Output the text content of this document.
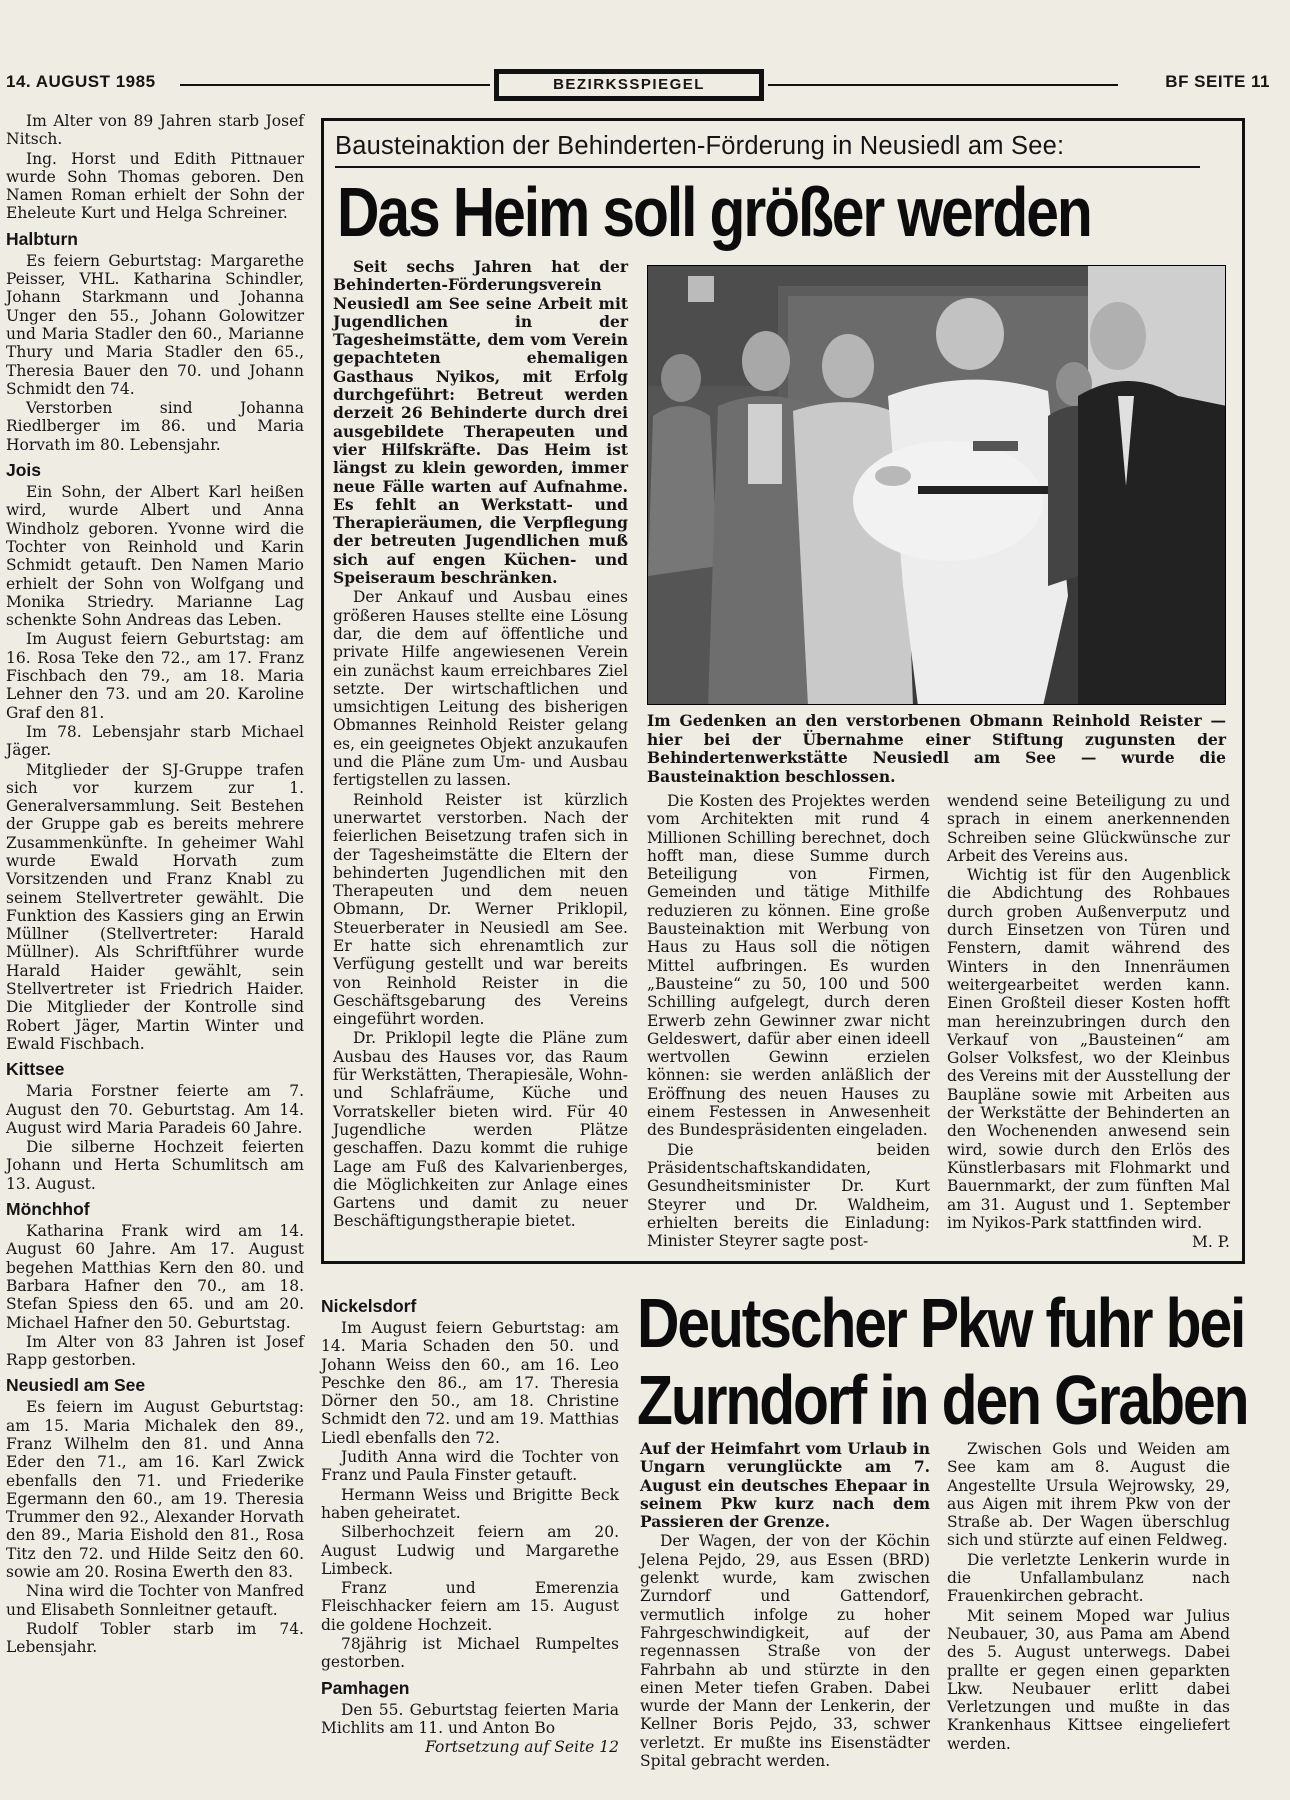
14. AUGUST 1985	BEZIRKSSPIEGEL	BF SEITE 11

Im Alter von 89 Jahren starb Josef Nitsch.

Ing. Horst und Edith Pittnauer wurde Sohn Thomas geboren. Den Namen Roman erhielt der Sohn der Eheleute Kurt und Helga Schreiner.

Halbturn

Es feiern Geburtstag: Margarethe Peisser, VHL. Katharina Schindler, Johann Starkmann und Johanna Unger den 55., Johann Golowitzer und Maria Stadler den 60., Marianne Thury und Maria Stadler den 65., Theresia Bauer den 70. und Johann Schmidt den 74.

Verstorben sind Johanna Riedlberger im 86. und Maria Horvath im 80. Lebensjahr.

Jois

Ein Sohn, der Albert Karl heißen wird, wurde Albert und Anna Windholz geboren. Yvonne wird die Tochter von Reinhold und Karin Schmidt getauft. Den Namen Mario erhielt der Sohn von Wolfgang und Monika Striedry. Marianne Lag schenkte Sohn Andreas das Leben.

Im August feiern Geburtstag: am 16. Rosa Teke den 72., am 17. Franz Fischbach den 79., am 18. Maria Lehner den 73. und am 20. Karoline Graf den 81.

Im 78. Lebensjahr starb Michael Jäger.

Mitglieder der SJ-Gruppe trafen sich vor kurzem zur 1. Generalversammlung. Seit Bestehen der Gruppe gab es bereits mehrere Zusammenkünfte. In geheimer Wahl wurde Ewald Horvath zum Vorsitzenden und Franz Knabl zu seinem Stellvertreter gewählt. Die Funktion des Kassiers ging an Erwin Müllner (Stellvertreter: Harald Müllner). Als Schriftführer wurde Harald Haider gewählt, sein Stellvertreter ist Friedrich Haider. Die Mitglieder der Kontrolle sind Robert Jäger, Martin Winter und Ewald Fischbach.

Kittsee

Maria Forstner feierte am 7. August den 70. Geburtstag. Am 14. August wird Maria Paradeis 60 Jahre.

Die silberne Hochzeit feierten Johann und Herta Schumlitsch am 13. August.

Mönchhof

Katharina Frank wird am 14. August 60 Jahre. Am 17. August begehen Matthias Kern den 80. und Barbara Hafner den 70., am 18. Stefan Spiess den 65. und am 20. Michael Hafner den 50. Geburtstag.

Im Alter von 83 Jahren ist Josef Rapp gestorben.

Neusiedl am See

Es feiern im August Geburtstag: am 15. Maria Michalek den 89., Franz Wilhelm den 81. und Anna Eder den 71., am 16. Karl Zwick ebenfalls den 71. und Friederike Egermann den 60., am 19. Theresia Trummer den 92., Alexander Horvath den 89., Maria Eishold den 81., Rosa Titz den 72. und Hilde Seitz den 60. sowie am 20. Rosina Ewerth den 83.

Nina wird die Tochter von Manfred und Elisabeth Sonnleitner getauft.

Rudolf Tobler starb im 74. Lebensjahr.

Bausteinaktion der Behinderten-Förderung in Neusiedl am See:
Das Heim soll größer werden

Seit sechs Jahren hat der Behinderten-Förderungsverein Neusiedl am See seine Arbeit mit Jugendlichen in der Tagesheimstätte, dem vom Verein gepachteten ehemaligen Gasthaus Nyikos, mit Erfolg durchgeführt: Betreut werden derzeit 26 Behinderte durch drei ausgebildete Therapeuten und vier Hilfskräfte. Das Heim ist längst zu klein geworden, immer neue Fälle warten auf Aufnahme. Es fehlt an Werkstatt- und Therapieräumen, die Verpflegung der betreuten Jugendlichen muß sich auf engen Küchen- und Speiseraum beschränken.

Der Ankauf und Ausbau eines größeren Hauses stellte eine Lösung dar, die dem auf öffentliche und private Hilfe angewiesenen Verein ein zunächst kaum erreichbares Ziel setzte. Der wirtschaftlichen und umsichtigen Leitung des bisherigen Obmannes Reinhold Reister gelang es, ein geeignetes Objekt anzukaufen und die Pläne zum Um- und Ausbau fertigstellen zu lassen.

Reinhold Reister ist kürzlich unerwartet verstorben. Nach der feierlichen Beisetzung trafen sich in der Tagesheimstätte die Eltern der behinderten Jugendlichen mit den Therapeuten und dem neuen Obmann, Dr. Werner Priklopil, Steuerberater in Neusiedl am See. Er hatte sich ehrenamtlich zur Verfügung gestellt und war bereits von Reinhold Reister in die Geschäftsgebarung des Vereins eingeführt worden.

Dr. Priklopil legte die Pläne zum Ausbau des Hauses vor, das Raum für Werkstätten, Therapiesäle, Wohn- und Schlafräume, Küche und Vorratskeller bieten wird. Für 40 Jugendliche werden Plätze geschaffen. Dazu kommt die ruhige Lage am Fuß des Kalvarienberges, die Möglichkeiten zur Anlage eines Gartens und damit zu neuer Beschäftigungstherapie bietet.

Im Gedenken an den verstorbenen Obmann Reinhold Reister — hier bei der Übernahme einer Stiftung zugunsten der Behindertenwerkstätte Neusiedl am See — wurde die Bausteinaktion beschlossen.

Die Kosten des Projektes werden vom Architekten mit rund 4 Millionen Schilling berechnet, doch hofft man, diese Summe durch Beteiligung von Firmen, Gemeinden und tätige Mithilfe reduzieren zu können. Eine große Bausteinaktion mit Werbung von Haus zu Haus soll die nötigen Mittel aufbringen. Es wurden „Bausteine“ zu 50, 100 und 500 Schilling aufgelegt, durch deren Erwerb zehn Gewinner zwar nicht Geldeswert, dafür aber einen ideell wertvollen Gewinn erzielen können: sie werden anläßlich der Eröffnung des neuen Hauses zu einem Festessen in Anwesenheit des Bundespräsidenten eingeladen.

Die beiden Präsidentschaftskandidaten, Gesundheitsminister Dr. Kurt Steyrer und Dr. Waldheim, erhielten bereits die Einladung: Minister Steyrer sagte post-

wendend seine Beteiligung zu und sprach in einem anerkennenden Schreiben seine Glückwünsche zur Arbeit des Vereins aus.

Wichtig ist für den Augenblick die Abdichtung des Rohbaues durch groben Außenverputz und durch Einsetzen von Türen und Fenstern, damit während des Winters in den Innenräumen weitergearbeitet werden kann. Einen Großteil dieser Kosten hofft man hereinzubringen durch den Verkauf von „Bausteinen“ am Golser Volksfest, wo der Kleinbus des Vereins mit der Ausstellung der Baupläne sowie mit Arbeiten aus der Werkstätte der Behinderten an den Wochenenden anwesend sein wird, sowie durch den Erlös des Künstlerbasars mit Flohmarkt und Bauernmarkt, der zum fünften Mal am 31. August und 1. September im Nyikos-Park stattfinden wird.

M. P.

Nickelsdorf

Im August feiern Geburtstag: am 14. Maria Schaden den 50. und Johann Weiss den 60., am 16. Leo Peschke den 86., am 17. Theresia Dörner den 50., am 18. Christine Schmidt den 72. und am 19. Matthias Liedl ebenfalls den 72.

Judith Anna wird die Tochter von Franz und Paula Finster getauft.

Hermann Weiss und Brigitte Beck haben geheiratet.

Silberhochzeit feiern am 20. August Ludwig und Margarethe Limbeck.

Franz und Emerenzia Fleischhacker feiern am 15. August die goldene Hochzeit.

78jährig ist Michael Rumpeltes gestorben.

Pamhagen

Den 55. Geburtstag feierten Maria Michlits am 11. und Anton Bo

Fortsetzung auf Seite 12

Deutscher Pkw fuhr bei
Zurndorf in den Graben

Auf der Heimfahrt vom Urlaub in Ungarn verunglückte am 7. August ein deutsches Ehepaar in seinem Pkw kurz nach dem Passieren der Grenze.

Der Wagen, der von der Köchin Jelena Pejdo, 29, aus Essen (BRD) gelenkt wurde, kam zwischen Zurndorf und Gattendorf, vermutlich infolge zu hoher Fahrgeschwindigkeit, auf der regennassen Straße von der Fahrbahn ab und stürzte in den einen Meter tiefen Graben. Dabei wurde der Mann der Lenkerin, der Kellner Boris Pejdo, 33, schwer verletzt. Er mußte ins Eisenstädter Spital gebracht werden.

Zwischen Gols und Weiden am See kam am 8. August die Angestellte Ursula Wejrowsky, 29, aus Aigen mit ihrem Pkw von der Straße ab. Der Wagen überschlug sich und stürzte auf einen Feldweg.

Die verletzte Lenkerin wurde in die Unfallambulanz nach Frauenkirchen gebracht.

Mit seinem Moped war Julius Neubauer, 30, aus Pama am Abend des 5. August unterwegs. Dabei prallte er gegen einen geparkten Lkw. Neubauer erlitt dabei Verletzungen und mußte in das Krankenhaus Kittsee eingeliefert werden.
